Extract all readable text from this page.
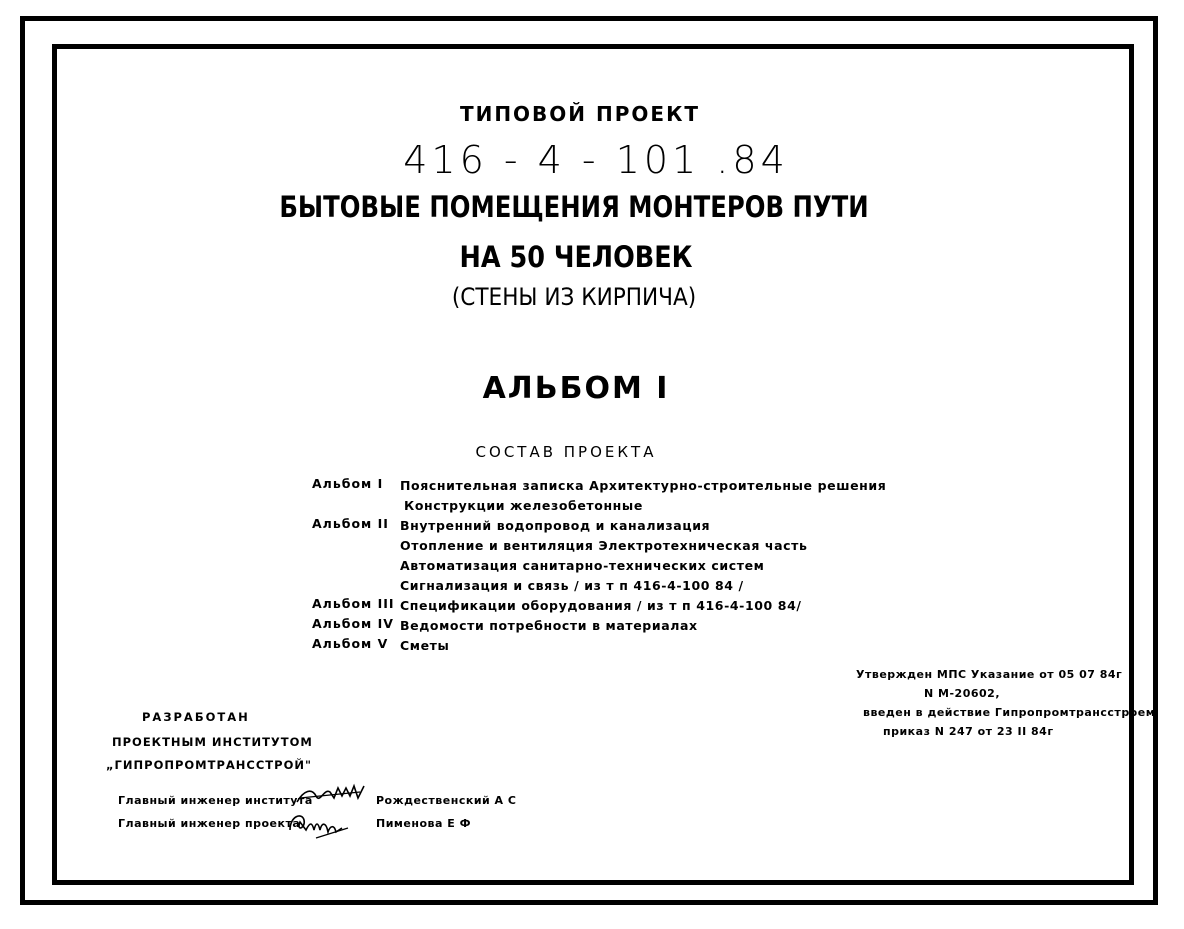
ТИПОВОЙ ПРОЕКТ
416 - 4 - 101 .84
БЫТОВЫЕ ПОМЕЩЕНИЯ МОНТЕРОВ ПУТИ
НА 50 ЧЕЛОВЕК
(СТЕНЫ ИЗ КИРПИЧА)
АЛЬБОМ I
СОСТАВ ПРОЕКТА
Альбом I	Пояснительная записка Архитектурно-строительные решения
Конструкции железобетонные
Альбом II Внутренний водопровод и канализация
Отопление и вентиляция Электротехническая часть
Автоматизация санитарно-технических систем
Сигнализация и связь / из т п 416-4-100 84 /
Альбом III Спецификации оборудования / из т п 416-4-100 84/
Альбом IV Ведомости потребности в материалах
Альбом V Сметы
Утвержден МПС Указание от 05 07 84г
N М-20602,
введен в действие Гипропромтрансстроем
приказ N 247 от 23 II 84г
РАЗРАБОТАН
ПРОЕКТНЫМ ИНСТИТУТОМ
„ГИПРОПРОМТРАНССТРОЙ"
Главный инженер института	Рождественский А С
Главный инженер проекта	Пименова Е Ф
